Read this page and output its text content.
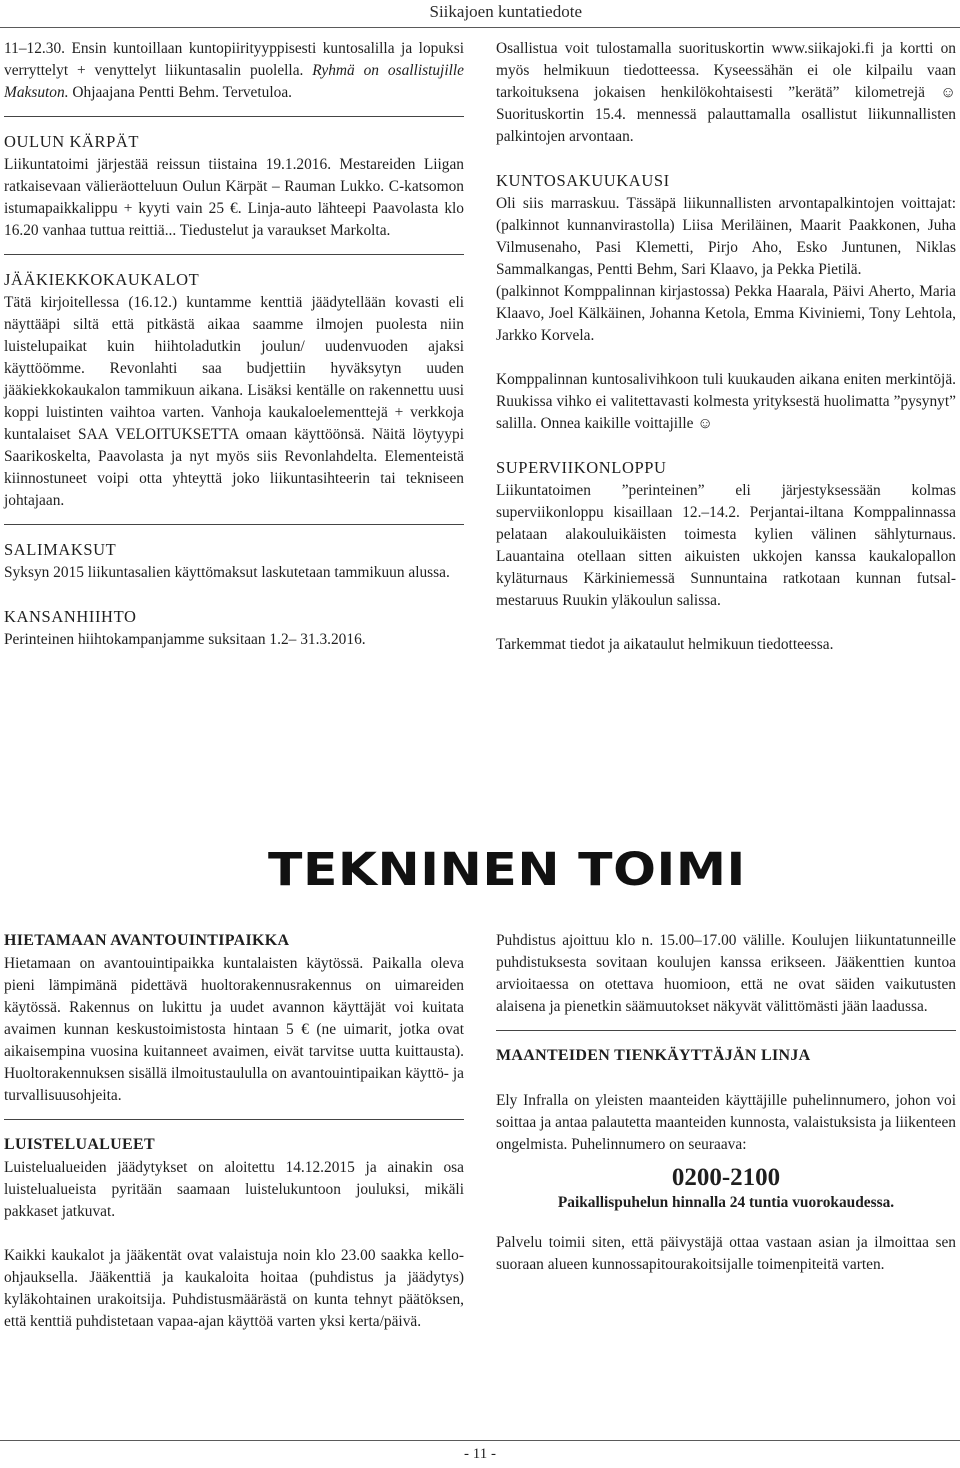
Siikajoen kuntatiedote

11–12.30. Ensin kuntoillaan kuntopiirityyppisesti kuntosalilla ja lopuksi verryttelyt + venyttelyt liikuntasalin puolella. Ryhmä on osallistujille Maksuton. Ohjaajana Pentti Behm. Tervetuloa.

OULUN KÄRPÄT

Liikuntatoimi järjestää reissun tiistaina 19.1.2016. Mestareiden Liigan ratkaisevaan välieräotteluun Oulun Kärpät – Rauman Lukko. C-katsomon istumapaikkalippu + kyyti vain 25 €. Linja-auto lähteepi Paavolasta klo 16.20 vanhaa tuttua reittiä... Tiedustelut ja varaukset Markolta.

JÄÄKIEKKOKAUKALOT

Tätä kirjoitellessa (16.12.) kuntamme kenttiä jäädytellään kovasti eli näyttääpi siltä että pitkästä aikaa saamme ilmojen puolesta niin luistelupaikat kuin hiihtoladutkin joulun/ uudenvuoden ajaksi käyttöömme. Revonlahti saa budjettiin hyväksytyn uuden jääkiekkokaukalon tammikuun aikana. Lisäksi kentälle on rakennettu uusi koppi luistinten vaihtoa varten. Vanhoja kaukaloelementtejä + verkkoja kuntalaiset SAA VELOITUKSETTA omaan käyttöönsä. Näitä löytyypi Saarikoskelta, Paavolasta ja nyt myös siis Revonlahdelta. Elementeistä kiinnostuneet voipi otta yhteyttä joko liikuntasihteerin tai tekniseen johtajaan.

SALIMAKSUT

Syksyn 2015 liikuntasalien käyttömaksut laskutetaan tammikuun alussa.

KANSANHIIHTO

Perinteinen hiihtokampanjamme suksitaan 1.2– 31.3.2016.

Osallistua voit tulostamalla suorituskortin www.siikajoki.fi ja kortti on myös helmikuun tiedotteessa. Kyseessähän ei ole kilpailu vaan tarkoituksena jokaisen henkilökohtaisesti ”kerätä” kilometrejä ☺ Suorituskortin 15.4. mennessä palauttamalla osallistut liikunnallisten palkintojen arvontaan.

KUNTOSAKUUKAUSI

Oli siis marraskuu. Tässäpä liikunnallisten arvontapalkintojen voittajat: (palkinnot kunnanvirastolla) Liisa Meriläinen, Maarit Paakkonen, Juha Vilmusenaho, Pasi Klemetti, Pirjo Aho, Esko Juntunen, Niklas Sammalkangas, Pentti Behm, Sari Klaavo, ja Pekka Pietilä.

(palkinnot Komppalinnan kirjastossa) Pekka Haarala, Päivi Aherto, Maria Klaavo, Joel Kälkäinen, Johanna Ketola, Emma Kiviniemi, Tony Lehtola, Jarkko Korvela.

Komppalinnan kuntosalivihkoon tuli kuukauden aikana eniten merkintöjä. Ruukissa vihko ei valitettavasti kolmesta yrityksestä huolimatta ”pysynyt” salilla. Onnea kaikille voittajille ☺

SUPERVIIKONLOPPU

Liikuntatoimen ”perinteinen” eli järjestyksessään kolmas superviikonloppu kisaillaan 12.–14.2. Perjantai-iltana Komppalinnassa pelataan alakouluikäisten toimesta kylien välinen sählyturnaus. Lauantaina otellaan sitten aikuisten ukkojen kanssa kaukalopallon kyläturnaus Kärkiniemessä Sunnuntaina ratkotaan kunnan futsal- mestaruus Ruukin yläkoulun salissa.

Tarkemmat tiedot ja aikataulut helmikuun tiedotteessa.

TEKNINEN TOIMI
HIETAMAAN AVANTOUINTIPAIKKA

Hietamaan on avantouintipaikka kuntalaisten käytössä. Paikalla oleva pieni lämpimänä pidettävä huoltorakennusrakennus on uimareiden käytössä. Rakennus on lukittu ja uudet avannon käyttäjät voi kuitata avaimen kunnan keskustoimistosta hintaan 5 € (ne uimarit, jotka ovat aikaisempina vuosina kuitanneet avaimen, eivät tarvitse uutta kuittausta). Huoltorakennuksen sisällä ilmoitustaululla on avantouintipaikan käyttö- ja turvallisuusohjeita.

LUISTELUALUEET

Luistelualueiden jäädytykset on aloitettu 14.12.2015 ja ainakin osa luistelualueista pyritään saamaan luistelukuntoon jouluksi, mikäli pakkaset jatkuvat.

Kaikki kaukalot ja jääkentät ovat valaistuja noin klo 23.00 saakka kello-ohjauksella. Jääkenttiä ja kaukaloita hoitaa (puhdistus ja jäädytys) kyläkohtainen urakoitsija. Puhdistusmäärästä on kunta tehnyt päätöksen, että kenttiä puhdistetaan vapaa-ajan käyttöä varten yksi kerta/päivä.

Puhdistus ajoittuu klo n. 15.00–17.00 välille. Koulujen liikuntatunneille puhdistuksesta sovitaan koulujen kanssa erikseen. Jääkenttien kuntoa arvioitaessa on otettava huomioon, että ne ovat säiden vaikutusten alaisena ja pienetkin säämuutokset näkyvät välittömästi jään laadussa.

MAANTEIDEN TIENKÄYTTÄJÄN LINJA

Ely Infralla on yleisten maanteiden käyttäjille puhelinnumero, johon voi soittaa ja antaa palautetta maanteiden kunnosta, valaistuksista ja liikenteen ongelmista. Puhelinnumero on seuraava:

0200-2100
Paikallispuhelun hinnalla 24 tuntia vuorokaudessa.

Palvelu toimii siten, että päivystäjä ottaa vastaan asian ja ilmoittaa sen suoraan alueen kunnossapitourakoitsijalle toimenpiteitä varten.

- 11 -
